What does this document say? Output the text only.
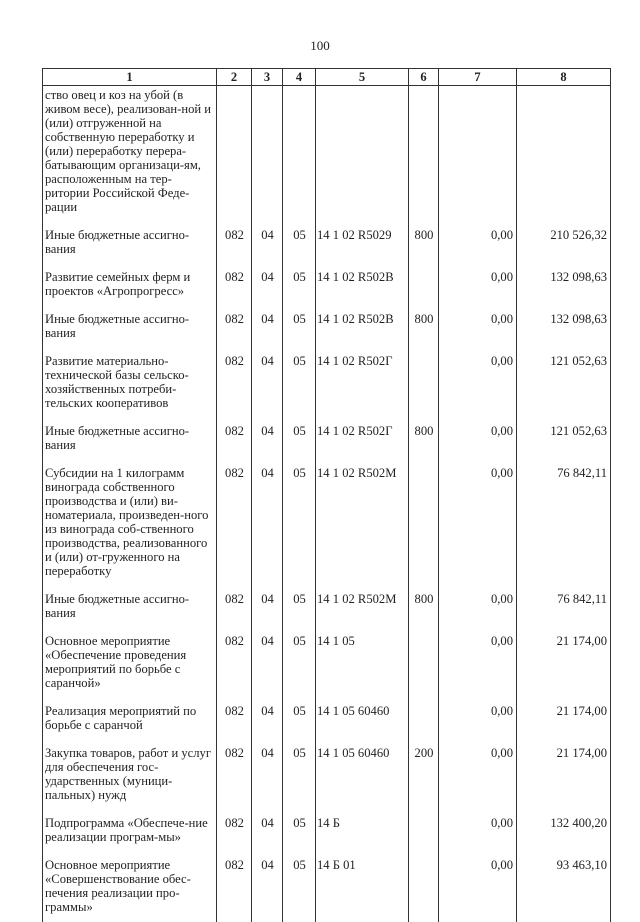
100
1	2	3	4	5	6	7	8
ство овец и коз на убой (в живом весе), реализован-ной и (или) отгруженной на собственную переработку и (или) переработку перера-батывающим организаци-ям, расположенным на тер-ритории Российской Феде-рации							
Иные бюджетные ассигно-вания	082	04	05	14 1 02 R5029	800	0,00	210 526,32
Развитие семейных ферм и проектов «Агропрогресс»	082	04	05	14 1 02 R502В		0,00	132 098,63
Иные бюджетные ассигно-вания	082	04	05	14 1 02 R502В	800	0,00	132 098,63
Развитие материально-технической базы сельско-хозяйственных потреби-тельских кооперативов	082	04	05	14 1 02 R502Г		0,00	121 052,63
Иные бюджетные ассигно-вания	082	04	05	14 1 02 R502Г	800	0,00	121 052,63
Субсидии на 1 килограмм винограда собственного производства и (или) ви-номатериала, произведен-ного из винограда соб-ственного производства, реализованного и (или) от-груженного на переработку	082	04	05	14 1 02 R502М		0,00	76 842,11
Иные бюджетные ассигно-вания	082	04	05	14 1 02 R502М	800	0,00	76 842,11
Основное мероприятие «Обеспечение проведения мероприятий по борьбе с саранчой»	082	04	05	14 1 05		0,00	21 174,00
Реализация мероприятий по борьбе с саранчой	082	04	05	14 1 05 60460		0,00	21 174,00
Закупка товаров, работ и услуг для обеспечения гос-ударственных (муници-пальных) нужд	082	04	05	14 1 05 60460	200	0,00	21 174,00
Подпрограмма «Обеспече-ние реализации програм-мы»	082	04	05	14 Б		0,00	132 400,20
Основное мероприятие «Совершенствование обес-печения реализации про-граммы»	082	04	05	14 Б 01		0,00	93 463,10
